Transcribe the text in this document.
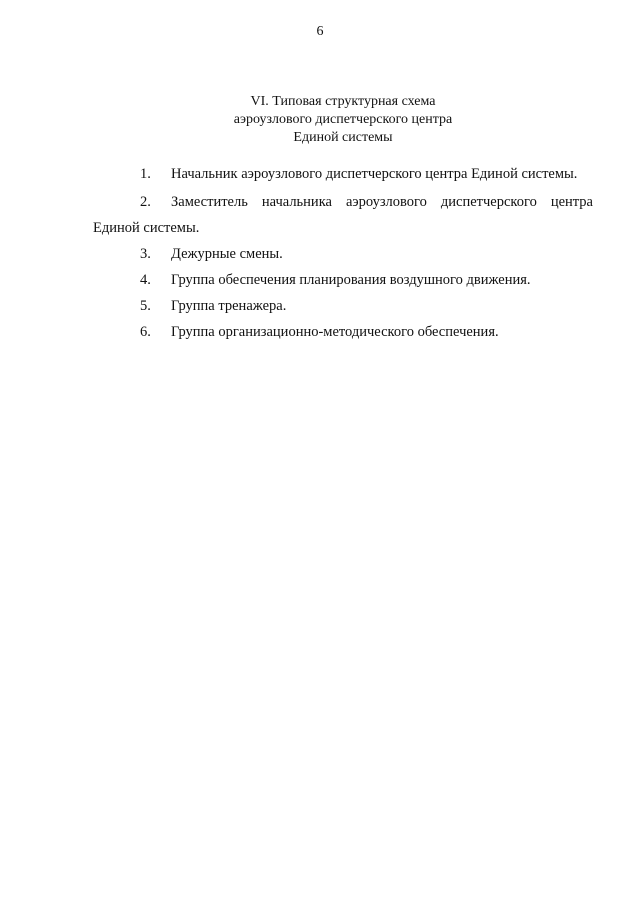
6
VI. Типовая структурная схема
аэроузлового диспетчерского центра
Единой системы
1.	Начальник аэроузлового диспетчерского центра Единой системы.
2.	Заместитель начальника аэроузлового диспетчерского центра
Единой системы.
3.	Дежурные смены.
4.	Группа обеспечения планирования воздушного движения.
5.	Группа тренажера.
6.	Группа организационно-методического обеспечения.
